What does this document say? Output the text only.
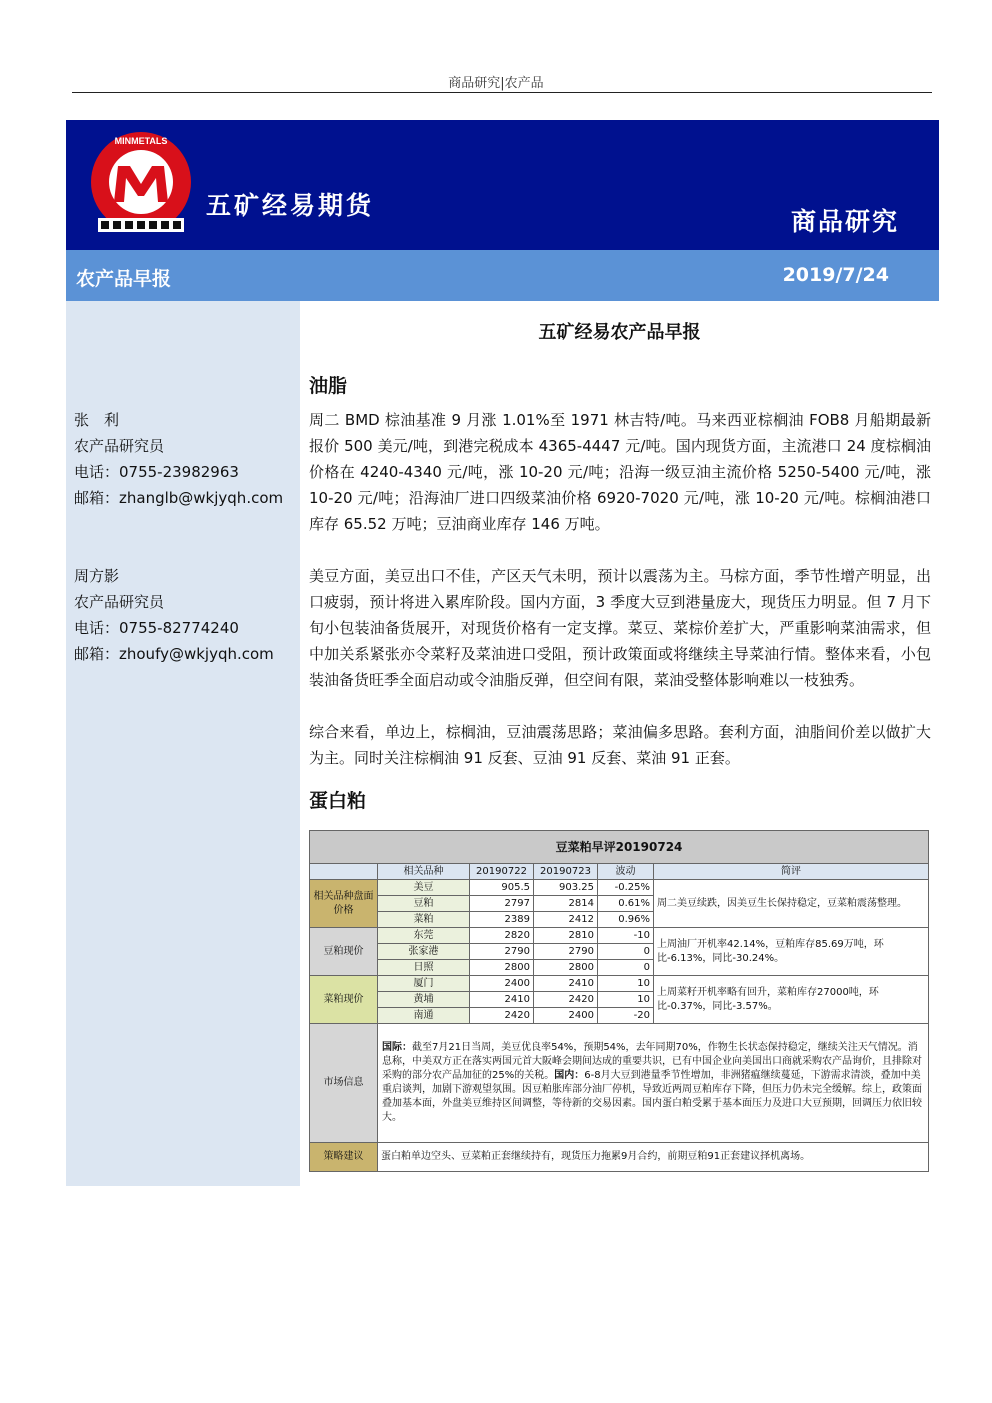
商品研究|农产品
MINMETALS
五矿经易期货
商品研究
农产品早报	2019/7/24
张　利
农产品研究员
电话：0755-23982963
邮箱：zhanglb@wkjyqh.com
周方影
农产品研究员
电话：0755-82774240
邮箱：zhoufy@wkjyqh.com
五矿经易农产品早报
油脂
周二 BMD 棕油基准 9 月涨 1.01%至 1971 林吉特/吨。马来西亚棕榈油 FOB8 月船期最新报价 500 美元/吨，到港完税成本 4365-4447 元/吨。国内现货方面，主流港口 24 度棕榈油价格在 4240-4340 元/吨，涨 10-20 元/吨；沿海一级豆油主流价格 5250-5400 元/吨，涨 10-20 元/吨；沿海油厂进口四级菜油价格 6920-7020 元/吨，涨 10-20 元/吨。棕榈油港口库存 65.52 万吨；豆油商业库存 146 万吨。
美豆方面，美豆出口不佳，产区天气未明，预计以震荡为主。马棕方面，季节性增产明显，出口疲弱，预计将进入累库阶段。国内方面，3 季度大豆到港量庞大，现货压力明显。但 7 月下旬小包装油备货展开，对现货价格有一定支撑。菜豆、菜棕价差扩大，严重影响菜油需求，但中加关系紧张亦令菜籽及菜油进口受阻，预计政策面或将继续主导菜油行情。整体来看，小包装油备货旺季全面启动或令油脂反弹，但空间有限，菜油受整体影响难以一枝独秀。
综合来看，单边上，棕榈油，豆油震荡思路；菜油偏多思路。套利方面，油脂间价差以做扩大为主。同时关注棕榈油 91 反套、豆油 91 反套、菜油 91 正套。
蛋白粕
豆菜粕早评20190724					
	相关品种	20190722	20190723	波动	简评
相关品种盘面价格	美豆	905.5	903.25	-0.25%	周二美豆续跌，因美豆生长保持稳定，豆菜粕震荡整理。
	豆粕	2797	2814	0.61%	
	菜粕	2389	2412	0.96%	
豆粕现价	东莞	2820	2810	-10	上周油厂开机率42.14%，豆粕库存85.69万吨，环比-6.13%，同比-30.24%。
	张家港	2790	2790	0	
	日照	2800	2800	0	
菜粕现价	厦门	2400	2410	10	上周菜籽开机率略有回升，菜粕库存27000吨，环比-0.37%，同比-3.57%。
	黄埔	2410	2420	10	
	南通	2420	2400	-20	
市场信息	国际：截至7月21日当周，美豆优良率54%，预期54%，去年同期70%，作物生长状态保持稳定，继续关注天气情况。消息称，中美双方正在落实两国元首大阪峰会期间达成的重要共识，已有中国企业向美国出口商就采购农产品询价，且排除对采购的部分农产品加征的25%的关税。国内：6-8月大豆到港量季节性增加，非洲猪瘟继续蔓延，下游需求清淡，叠加中美重启谈判，加剧下游观望氛围。因豆粕胀库部分油厂停机，导致近两周豆粕库存下降，但压力仍未完全缓解。综上，政策面叠加基本面，外盘美豆维持区间调整，等待新的交易因素。国内蛋白粕受累于基本面压力及进口大豆预期，回调压力依旧较大。				
策略建议	蛋白粕单边空头、豆菜粕正套继续持有，现货压力拖累9月合约，前期豆粕91正套建议择机离场。				
